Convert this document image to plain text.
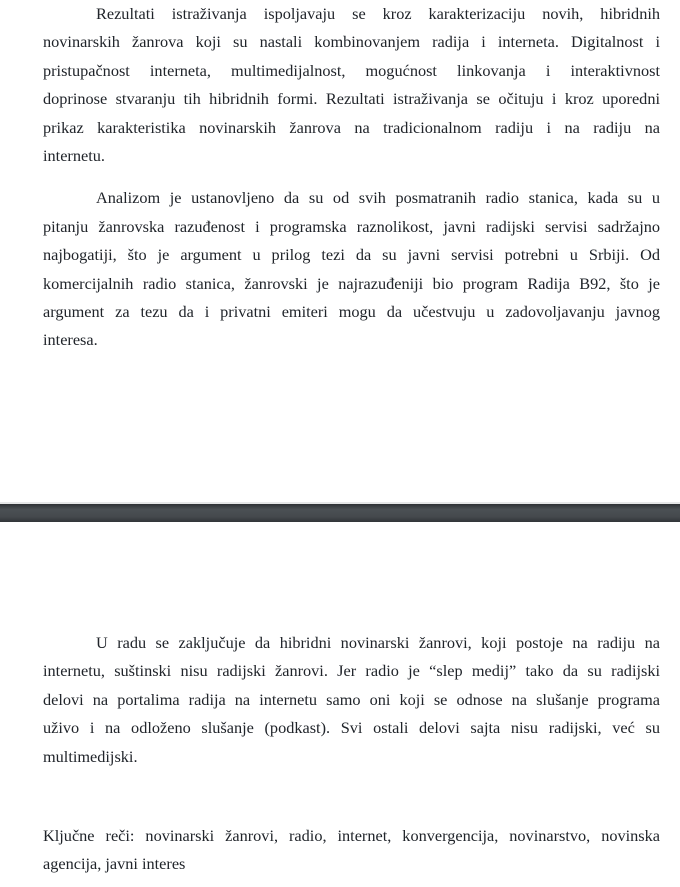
Rezultati istraživanja ispoljavaju se kroz karakterizaciju novih, hibridnih
novinarskih žanrova koji su nastali kombinovanjem radija i interneta. Digitalnost i
pristupačnost interneta, multimedijalnost, mogućnost linkovanja i interaktivnost
doprinose stvaranju tih hibridnih formi. Rezultati istraživanja se očituju i kroz uporedni
prikaz karakteristika novinarskih žanrova na tradicionalnom radiju i na radiju na
internetu.
Analizom je ustanovljeno da su od svih posmatranih radio stanica, kada su u
pitanju žanrovska razuđenost i programska raznolikost, javni radijski servisi sadržajno
najbogatiji, što je argument u prilog tezi da su javni servisi potrebni u Srbiji. Od
komercijalnih radio stanica, žanrovski je najrazuđeniji bio program Radija B92, što je
argument za tezu da i privatni emiteri mogu da učestvuju u zadovoljavanju javnog
interesa.
U radu se zaključuje da hibridni novinarski žanrovi, koji postoje na radiju na
internetu, suštinski nisu radijski žanrovi. Jer radio je “slep medij” tako da su radijski
delovi na portalima radija na internetu samo oni koji se odnose na slušanje programa
uživo i na odloženo slušanje (podkast). Svi ostali delovi sajta nisu radijski, već su
multimedijski.
Ključne reči: novinarski žanrovi, radio, internet, konvergencija, novinarstvo, novinska
agencija, javni interes
